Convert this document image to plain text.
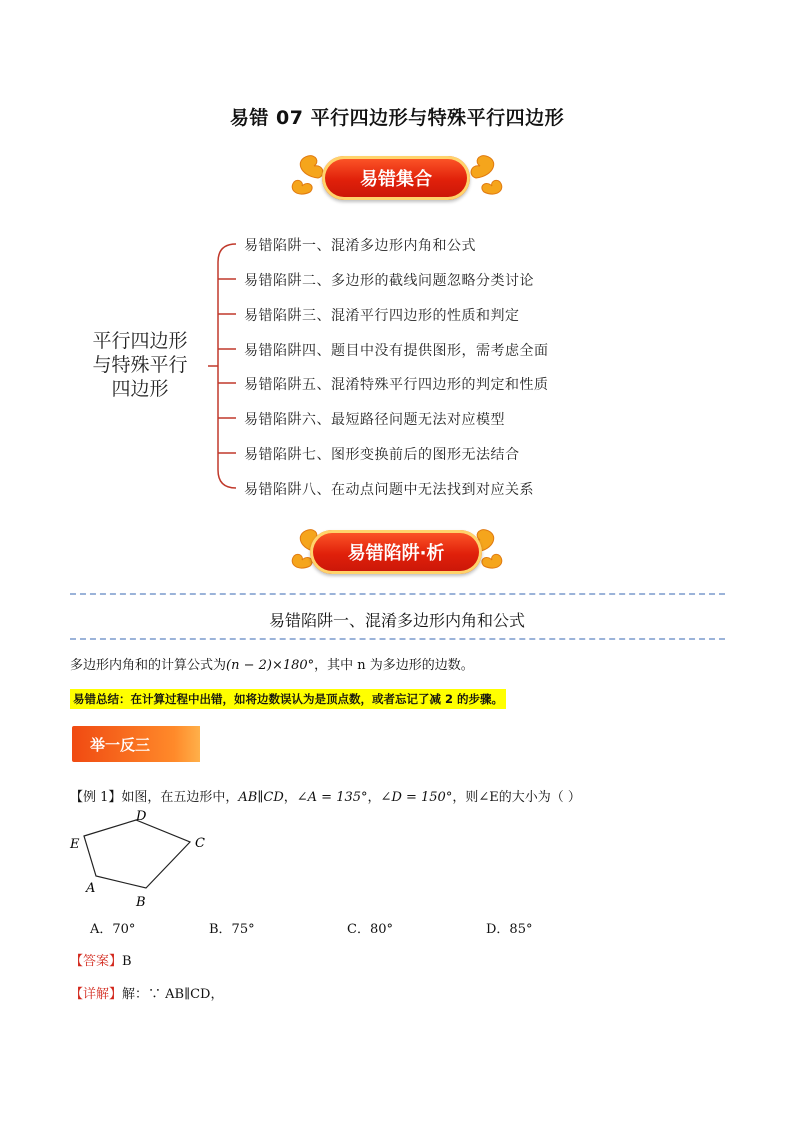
易错 07 平行四边形与特殊平行四边形
易错集合
平行四边形
与特殊平行
四边形
易错陷阱一、混淆多边形内角和公式
易错陷阱二、多边形的截线问题忽略分类讨论
易错陷阱三、混淆平行四边形的性质和判定
易错陷阱四、题目中没有提供图形，需考虑全面
易错陷阱五、混淆特殊平行四边形的判定和性质
易错陷阱六、最短路径问题无法对应模型
易错陷阱七、图形变换前后的图形无法结合
易错陷阱八、在动点问题中无法找到对应关系
易错陷阱·析
易错陷阱一、混淆多边形内角和公式
多边形内角和的计算公式为(n − 2)×180°，其中 n 为多边形的边数。
易错总结：在计算过程中出错，如将边数误认为是顶点数，或者忘记了减 2 的步骤。
举一反三
【例 1】如图，在五边形中，AB∥CD，∠A = 135°，∠D = 150°，则∠E的大小为（ ）
E
D
C
A
B
A．70°	B．75°	C．80°	D．85°
【答案】B
【详解】解：∵ AB∥CD，
